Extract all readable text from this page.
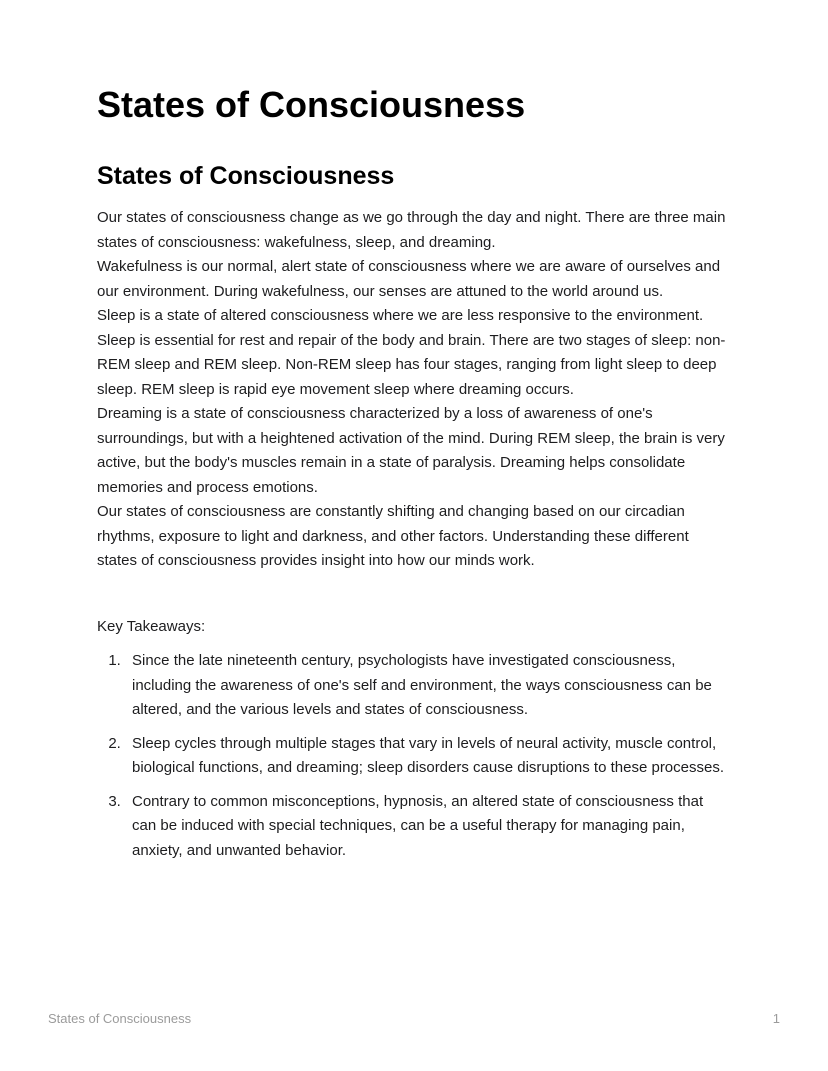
States of Consciousness
States of Consciousness

Our states of consciousness change as we go through the day and night. There are three main states of consciousness: wakefulness, sleep, and dreaming.

Wakefulness is our normal, alert state of consciousness where we are aware of ourselves and our environment. During wakefulness, our senses are attuned to the world around us.

Sleep is a state of altered consciousness where we are less responsive to the environment. Sleep is essential for rest and repair of the body and brain. There are two stages of sleep: non-REM sleep and REM sleep. Non-REM sleep has four stages, ranging from light sleep to deep sleep. REM sleep is rapid eye movement sleep where dreaming occurs.

Dreaming is a state of consciousness characterized by a loss of awareness of one's surroundings, but with a heightened activation of the mind. During REM sleep, the brain is very active, but the body's muscles remain in a state of paralysis. Dreaming helps consolidate memories and process emotions.

Our states of consciousness are constantly shifting and changing based on our circadian rhythms, exposure to light and darkness, and other factors. Understanding these different states of consciousness provides insight into how our minds work.

Key Takeaways:

1. Since the late nineteenth century, psychologists have investigated consciousness, including the awareness of one's self and environment, the ways consciousness can be altered, and the various levels and states of consciousness.
2. Sleep cycles through multiple stages that vary in levels of neural activity, muscle control, biological functions, and dreaming; sleep disorders cause disruptions to these processes.
3. Contrary to common misconceptions, hypnosis, an altered state of consciousness that can be induced with special techniques, can be a useful therapy for managing pain, anxiety, and unwanted behavior.
States of Consciousness	1
